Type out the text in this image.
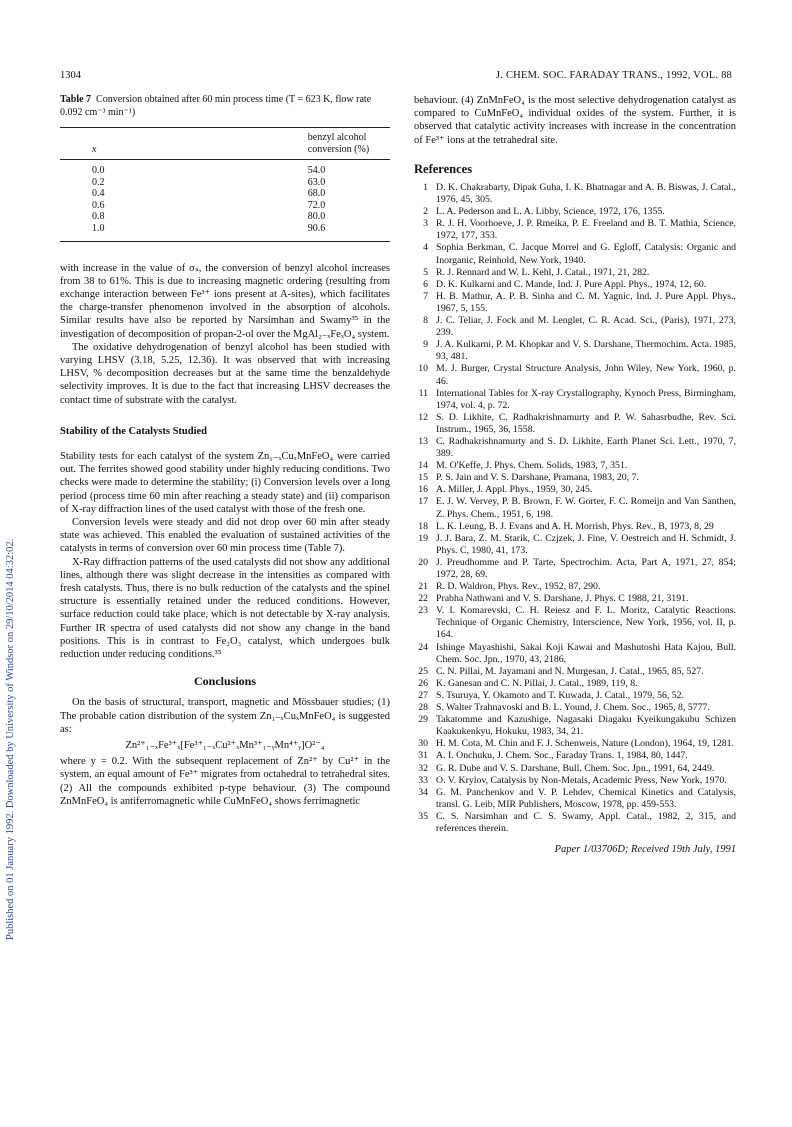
Published on 01 January 1992. Downloaded by University of Windsor on 29/10/2014 04:32:02.
1304	J. CHEM. SOC. FARADAY TRANS., 1992, VOL. 88
Table 7 Conversion obtained after 60 min process time (T = 623 K, flow rate 0.092 cm⁻³ min⁻¹)
x	benzyl alcohol
conversion (%)
0.0	54.0
0.2	63.0
0.4	68.0
0.6	72.0
0.8	80.0
1.0	90.6

with increase in the value of σₛ, the conversion of benzyl alcohol increases from 38 to 61%. This is due to increasing magnetic ordering (resulting from exchange interaction between Fe³⁺ ions present at A-sites), which facilitates the charge-transfer phenomenon involved in the absorption of alcohols. Similar results have also be reported by Narsimhan and Swamy³⁵ in the investigation of decomposition of propan-2-ol over the MgAl₂₋ₓFeₓO₄ system.

The oxidative dehydrogenation of benzyl alcohol has been studied with varying LHSV (3.18, 5.25, 12.36). It was observed that with increasing LHSV, % decomposition decreases but at the same time the benzaldehyde selectivity improves. It is due to the fact that increasing LHSV decreases the contact time of substrate with the catalyst.

Stability of the Catalysts Studied

Stability tests for each catalyst of the system Zn₁₋ₓCuₓMnFeO₄ were carried out. The ferrites showed good stability under highly reducing conditions. Two checks were made to determine the stability; (i) Conversion levels over a long period (process time 60 min after reaching a steady state) and (ii) comparison of X-ray diffraction lines of the used catalyst with those of the fresh one.

Conversion levels were steady and did not drop over 60 min after steady state was achieved. This enabled the evaluation of sustained activities of the catalysts in terms of conversion over 60 min process time (Table 7).

X-Ray diffraction patterns of the used catalysts did not show any additional lines, although there was slight decrease in the intensities as compared with fresh catalysts. Thus, there is no bulk reduction of the catalysts and the spinel structure is essentially retained under the reduced conditions. However, surface reduction could take place, which is not detectable by X-ray analysis. Further IR spectra of used catalysts did not show any change in the band positions. This is in contrast to Fe₂O₃ catalyst, which undergoes bulk reduction under reducing conditions.³⁵

Conclusions

On the basis of structural, transport, magnetic and Mössbauer studies; (1) The probable cation distribution of the system Zn₁₋ₓCuₓMnFeO₄ is suggested as:

Zn²⁺₁₋ₓFe³⁺ₓ[Fe³⁺₁₋ₓCu²⁺ₓMn³⁺₁₋ᵧMn⁴⁺ᵧ]O²⁻₄

where y = 0.2. With the subsequent replacement of Zn²⁺ by Cu²⁺ in the system, an equal amount of Fe³⁺ migrates from octahedral to tetrahedral sites. (2) All the compounds exhibited p-type behaviour. (3) The compound ZnMnFeO₄ is antiferromagnetic while CuMnFeO₄ shows ferrimagnetic

behaviour. (4) ZnMnFeO₄ is the most selective dehydrogenation catalyst as compared to CuMnFeO₄ individual oxides of the system. Further, it is observed that catalytic activity increases with increase in the concentration of Fe³⁺ ions at the tetrahedral site.

References
1 D. K. Chakrabarty, Dipak Guha, I. K. Bhatnagar and A. B. Biswas, J. Catal., 1976, 45, 305.
2 L. A. Pederson and L. A. Libby, Science, 1972, 176, 1355.
3 R. J. H. Voorhoeve, J. P. Rmeika, P. E. Freeland and B. T. Mathia, Science, 1972, 177, 353.
4 Sophia Berkman, C. Jacque Morrel and G. Egloff, Catalysis: Organic and Inorganic, Reinhold, New York, 1940.
5 R. J. Rennard and W. L. Kehl, J. Catal., 1971, 21, 282.
6 D. K. Kulkarni and C. Mande, Ind. J. Pure Appl. Phys., 1974, 12, 60.
7 H. B. Mathur, A. P. B. Sinha and C. M. Yagnic, Ind. J. Pure Appl. Phys., 1967, 5, 155.
8 J. C. Teliar, J. Fock and M. Lenglet, C. R. Acad. Sci., (Paris), 1971, 273, 239.
9 J. A. Kulkarni, P. M. Khopkar and V. S. Darshane, Thermochim. Acta. 1985, 93, 481.
10 M. J. Burger, Crystal Structure Analysis, John Wiley, New York, 1960, p. 46.
11 International Tables for X-ray Crystallography, Kynoch Press, Birmingham, 1974, vol. 4, p. 72.
12 S. D. Likhite, C. Radhakrishnamurty and P. W. Sahasrbudhe, Rev. Sci. Instrum., 1965, 36, 1558.
13 C. Radhakrishnamurty and S. D. Likhite, Earth Planet Sci. Lett., 1970, 7, 389.
14 M. O'Keffe, J. Phys. Chem. Solids, 1983, 7, 351.
15 P. S. Jain and V. S. Darshane, Pramana, 1983, 20, 7.
16 A. Miller, J. Appl. Phys., 1959, 30, 245.
17 E. J. W. Vervey, P. B. Brown, F. W. Gorter, F. C. Romeijn and Van Santhen, Z. Phys. Chem., 1951, 6, 198.
18 L. K. Leung, B. J. Evans and A. H. Morrish, Phys. Rev., B, 1973, 8, 29
19 J. J. Bara, Z. M. Starik, C. Czjzek, J. Fine, V. Oestreich and H. Schmidt, J. Phys. C, 1980, 41, 173.
20 J. Preudhomme and P. Tarte, Spectrochim. Acta, Part A, 1971, 27, 854; 1972, 28, 69.
21 R. D. Waldron, Phys. Rev., 1952, 87, 290.
22 Prabha Nathwani and V. S. Darshane, J. Phys. C 1988, 21, 3191.
23 V. I. Komarevski, C. H. Reiesz and F. L. Moritz, Catalytic Reactions. Technique of Organic Chemistry, Interscience, New York, 1956, vol. II, p. 164.
24 Ishinge Mayashishi, Sakai Koji Kawai and Mashutoshi Hata Kajou, Bull. Chem. Soc. Jpn., 1970, 43, 2186.
25 C. N. Pillai, M. Jayamani and N. Murgesan, J. Catal., 1965, 85, 527.
26 K. Ganesan and C. N. Pillai, J. Catal., 1989, 119, 8.
27 S. Tsuruya, Y. Okamoto and T. Kuwada, J. Catal., 1979, 56, 52.
28 S. Walter Trahnavoski and B. L. Yound, J. Chem. Soc., 1965, 8, 5777.
29 Takatomme and Kazushige, Nagasaki Diagaku Kyeikungakubu Schizen Kaakukenkyu, Hokuku, 1983, 34, 21.
30 H. M. Cota, M. Chin and F. J. Schenweis, Nature (London), 1964, 19, 1281.
31 A. I. Onchuku, J. Chem. Soc., Faraday Trans. 1, 1984, 80, 1447.
32 G. R. Dube and V. S. Darshane, Bull. Chem. Soc. Jpn., 1991, 64, 2449.
33 O. V. Krylov, Catalysis by Non-Metals, Academic Press, New York, 1970.
34 G. M. Panchenkov and V. P. Lehdev, Chemical Kinetics and Catalysis, transl. G. Leib, MIR Publishers, Moscow, 1978, pp. 459-553.
35 C. S. Narsimhan and C. S. Swamy, Appl. Catal., 1982, 2, 315, and references therein.
Paper 1/03706D; Received 19th July, 1991
